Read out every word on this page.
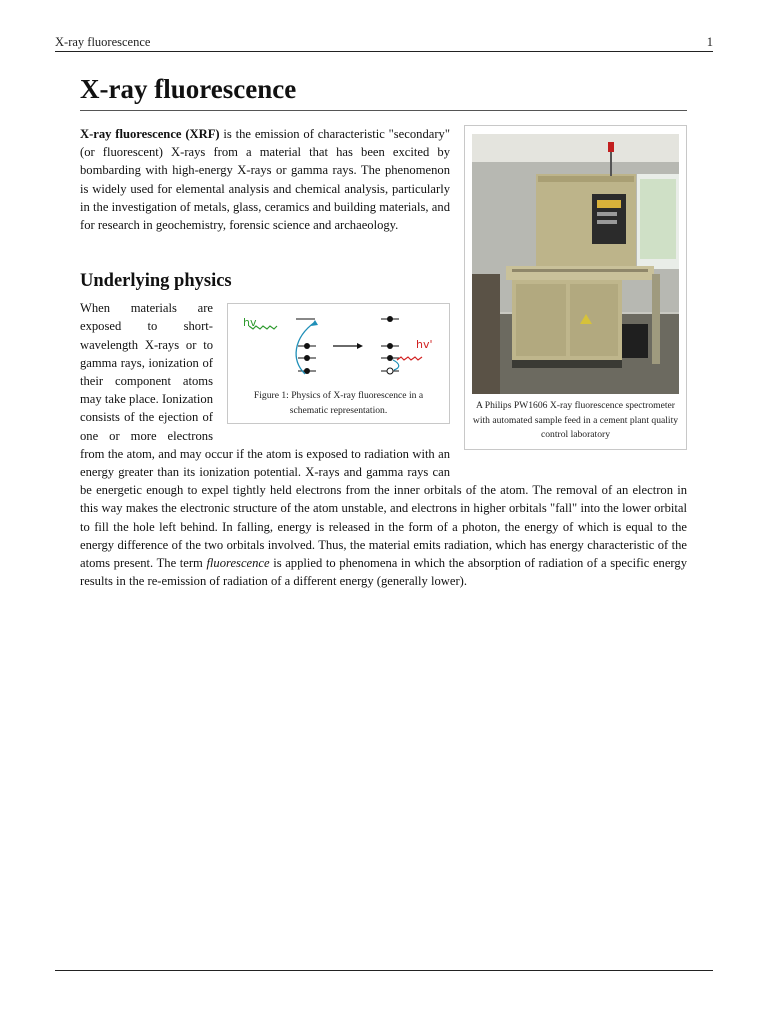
X-ray fluorescence	1
X-ray fluorescence
A Philips PW1606 X-ray fluorescence spectrometer with automated sample feed in a cement plant quality control laboratory

X-ray fluorescence (XRF) is the emission of characteristic "secondary" (or fluorescent) X-rays from a material that has been excited by bombarding with high-energy X-rays or gamma rays. The phenomenon is widely used for elemental analysis and chemical analysis, particularly in the investigation of metals, glass, ceramics and building materials, and for research in geochemistry, forensic science and archaeology.

Underlying physics
hv
hv'
Figure 1: Physics of X-ray fluorescence in a schematic representation.

When materials are exposed to short-wavelength X-rays or to gamma rays, ionization of their component atoms may take place. Ionization consists of the ejection of one or more electrons from the atom, and may occur if the atom is exposed to radiation with an energy greater than its ionization potential. X-rays and gamma rays can be energetic enough to expel tightly held electrons from the inner orbitals of the atom. The removal of an electron in this way makes the electronic structure of the atom unstable, and electrons in higher orbitals "fall" into the lower orbital to fill the hole left behind. In falling, energy is released in the form of a photon, the energy of which is equal to the energy difference of the two orbitals involved. Thus, the material emits radiation, which has energy characteristic of the atoms present. The term fluorescence is applied to phenomena in which the absorption of radiation of a specific energy results in the re-emission of radiation of a different energy (generally lower).
